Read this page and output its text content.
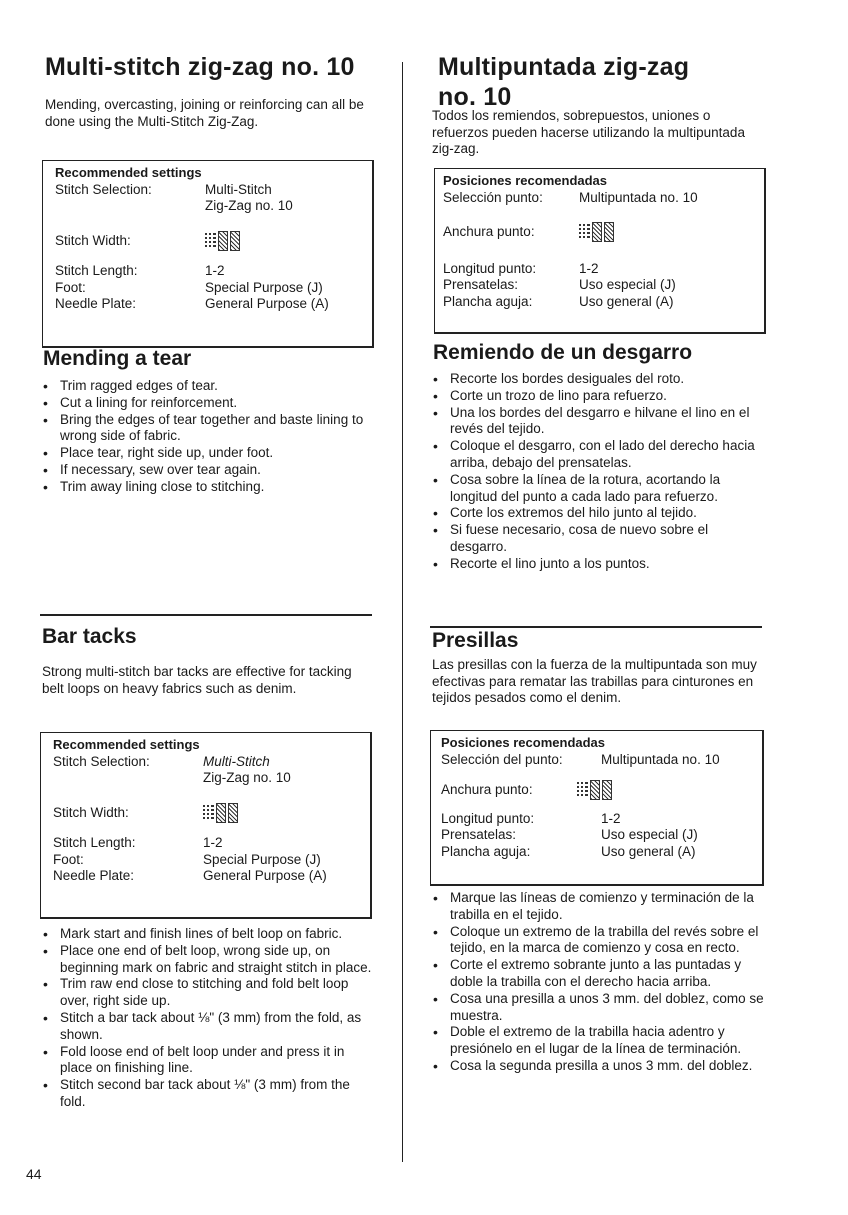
Multi-stitch zig-zag no. 10

Mending, overcasting, joining or reinforcing can all be done using the Multi-Stitch Zig-Zag.

Recommended settings
Stitch Selection:	Multi-Stitch
Zig-Zag no. 10
Stitch Width:
Stitch Length:	1-2
Foot:	Special Purpose (J)
Needle Plate:	General Purpose (A)
Mending a tear
• Trim ragged edges of tear.
• Cut a lining for reinforcement.
• Bring the edges of tear together and baste lining to wrong side of fabric.
• Place tear, right side up, under foot.
• If necessary, sew over tear again.
• Trim away lining close to stitching.
Bar tacks

Strong multi-stitch bar tacks are effective for tacking belt loops on heavy fabrics such as denim.

Recommended settings
Stitch Selection:	Multi-Stitch
Zig-Zag no. 10
Stitch Width:
Stitch Length:	1-2
Foot:	Special Purpose (J)
Needle Plate:	General Purpose (A)
• Mark start and finish lines of belt loop on fabric.
• Place one end of belt loop, wrong side up, on beginning mark on fabric and straight stitch in place.
• Trim raw end close to stitching and fold belt loop over, right side up.
• Stitch a bar tack about ⅛" (3 mm) from the fold, as shown.
• Fold loose end of belt loop under and press it in place on finishing line.
• Stitch second bar tack about ⅛" (3 mm) from the fold.
Multipuntada zig-zag
no. 10

Todos los remiendos, sobrepuestos, uniones o refuerzos pueden hacerse utilizando la multipuntada zig-zag.

Posiciones recomendadas
Selección punto:	Multipuntada no. 10
Anchura punto:
Longitud punto:	1-2
Prensatelas:	Uso especial (J)
Plancha aguja:	Uso general (A)
Remiendo de un desgarro
• Recorte los bordes desiguales del roto.
• Corte un trozo de lino para refuerzo.
• Una los bordes del desgarro e hilvane el lino en el revés del tejido.
• Coloque el desgarro, con el lado del derecho hacia arriba, debajo del prensatelas.
• Cosa sobre la línea de la rotura, acortando la longitud del punto a cada lado para refuerzo.
• Corte los extremos del hilo junto al tejido.
• Si fuese necesario, cosa de nuevo sobre el desgarro.
• Recorte el lino junto a los puntos.
Presillas

Las presillas con la fuerza de la multipuntada son muy efectivas para rematar las trabillas para cinturones en tejidos pesados como el denim.

Posiciones recomendadas
Selección del punto:	Multipuntada no. 10
Anchura punto:
Longitud punto:	1-2
Prensatelas:	Uso especial (J)
Plancha aguja:	Uso general (A)
• Marque las líneas de comienzo y terminación de la trabilla en el tejido.
• Coloque un extremo de la trabilla del revés sobre el tejido, en la marca de comienzo y cosa en recto.
• Corte el extremo sobrante junto a las puntadas y doble la trabilla con el derecho hacia arriba.
• Cosa una presilla a unos 3 mm. del doblez, como se muestra.
• Doble el extremo de la trabilla hacia adentro y presiónelo en el lugar de la línea de terminación.
• Cosa la segunda presilla a unos 3 mm. del doblez.
44
